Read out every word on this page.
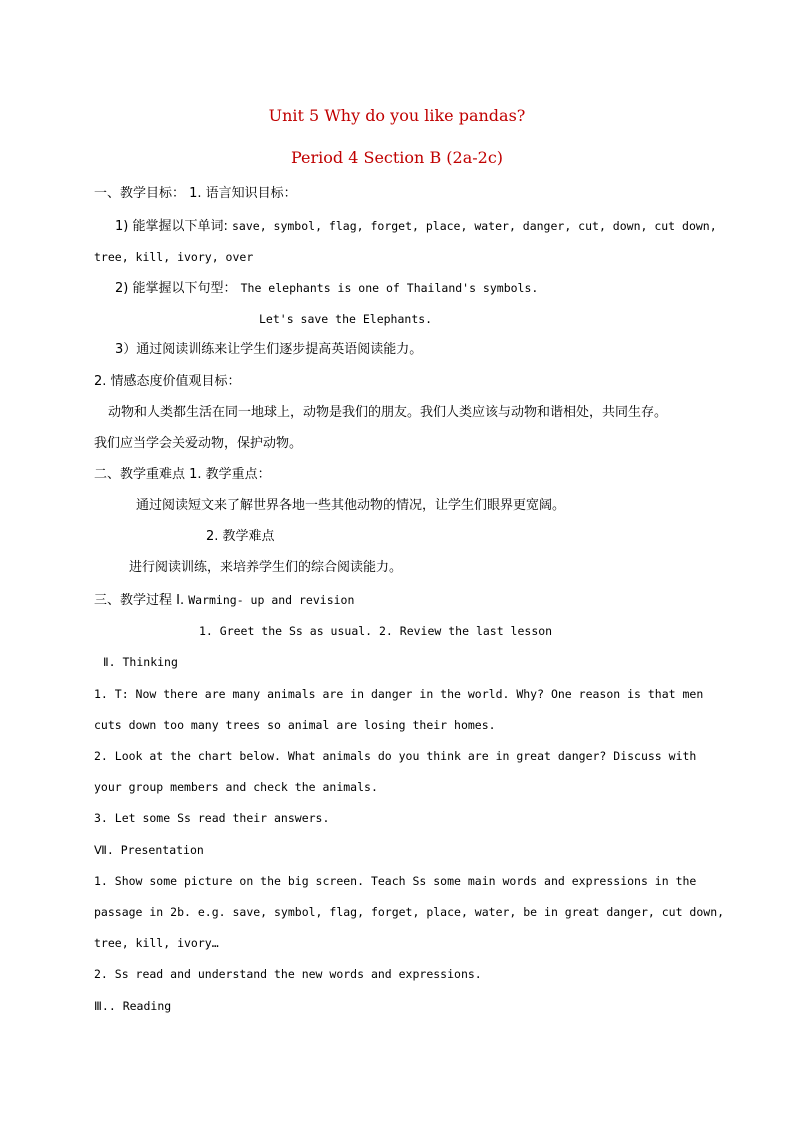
Unit 5 Why do you like pandas?
Period 4 Section B (2a-2c)
一、教学目标： 1. 语言知识目标：
1) 能掌握以下单词: save, symbol, flag, forget, place, water, danger, cut, down, cut down,
tree, kill, ivory, over
2) 能掌握以下句型： The elephants is one of Thailand's symbols.
Let's save the Elephants.
3）通过阅读训练来让学生们逐步提高英语阅读能力。
2. 情感态度价值观目标：
动物和人类都生活在同一地球上，动物是我们的朋友。我们人类应该与动物和谐相处，共同生存。
我们应当学会关爱动物，保护动物。
二、教学重难点 1. 教学重点：
通过阅读短文来了解世界各地一些其他动物的情况，让学生们眼界更宽阔。
2. 教学难点
进行阅读训练，来培养学生们的综合阅读能力。
三、教学过程 Ⅰ. Warming- up and revision
1. Greet the Ss as usual. 2. Review the last lesson
Ⅱ. Thinking
1. T: Now there are many animals are in danger in the world. Why? One reason is that men
cuts down too many trees so animal are losing their homes.
2. Look at the chart below. What animals do you think are in great danger? Discuss with
your group members and check the animals.
3. Let some Ss read their answers.
Ⅶ. Presentation
1. Show some picture on the big screen. Teach Ss some main words and expressions in the
passage in 2b. e.g. save, symbol, flag, forget, place, water, be in great danger, cut down,
tree, kill, ivory…
2. Ss read and understand the new words and expressions.
Ⅲ.. Reading
